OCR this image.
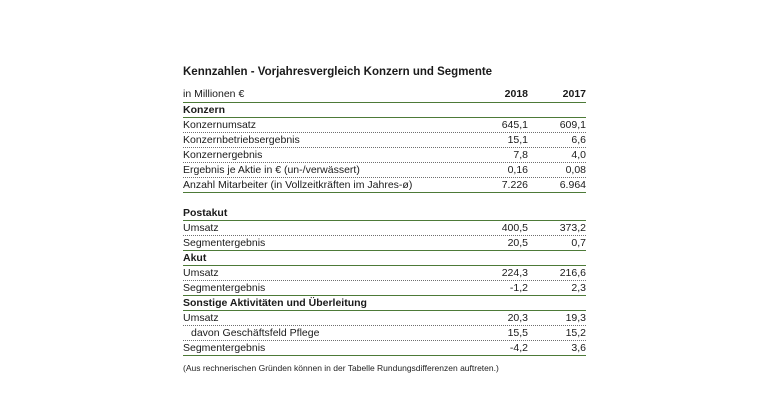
Kennzahlen - Vorjahresvergleich Konzern und Segmente
in Millionen €	2018	2017
Konzern
Konzernumsatz	645,1	609,1
Konzernbetriebsergebnis	15,1	6,6
Konzernergebnis	7,8	4,0
Ergebnis je Aktie in € (un-/verwässert)	0,16	0,08
Anzahl Mitarbeiter (in Vollzeitkräften im Jahres-ø)	7.226	6.964
Postakut
Umsatz	400,5	373,2
Segmentergebnis	20,5	0,7
Akut
Umsatz	224,3	216,6
Segmentergebnis	-1,2	2,3
Sonstige Aktivitäten und Überleitung
Umsatz	20,3	19,3
davon Geschäftsfeld Pflege	15,5	15,2
Segmentergebnis	-4,2	3,6
(Aus rechnerischen Gründen können in der Tabelle Rundungsdifferenzen auftreten.)
